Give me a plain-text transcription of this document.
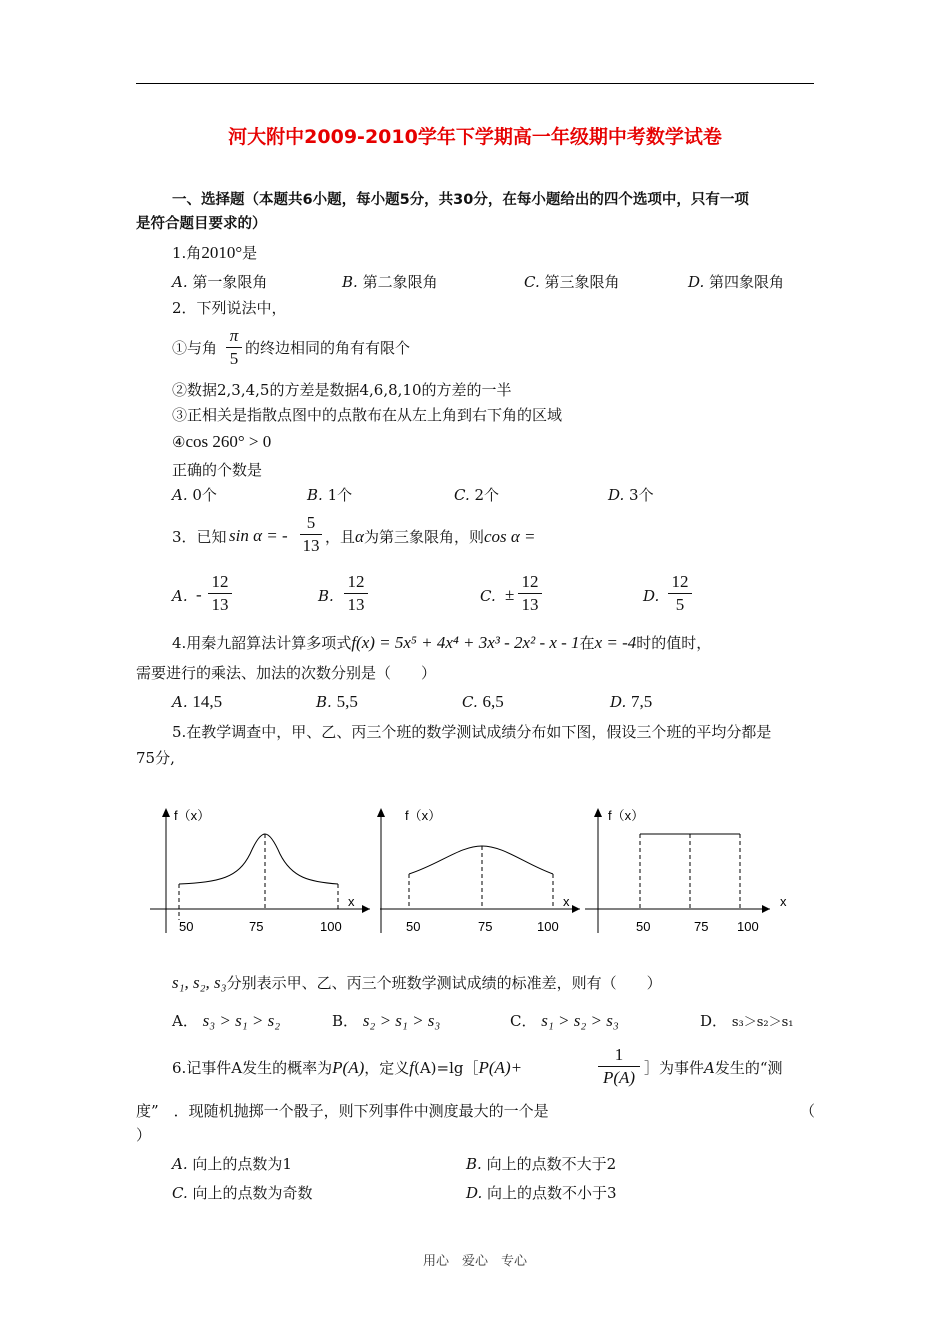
河大附中2009-2010学年下学期高一年级期中考数学试卷
一、选择题（本题共6小题，每小题5分，共30分，在每小题给出的四个选项中，只有一项
是符合题目要求的）
1.角2010°是
A. 第一象限角	B. 第二象限角	C. 第三象限角	D. 第四象限角
2．下列说法中，
①与角
π
5
的终边相同的角有有限个
②数据2,3,4,5的方差是数据4,6,8,10的方差的一半
③正相关是指散点图中的点散布在从左上角到右下角的区域
④cos 260° > 0
正确的个数是
A. 0个	B. 1个	C. 2个	D. 3个
3．已知 sin α = -
5
13 ，且α为第三象限角，则cos α =
A. -
12
13	B.
12
13	C. ±
12
13	D.
12
5
4.用秦九韶算法计算多项式f(x) = 5x⁵ + 4x⁴ + 3x³ - 2x² - x - 1在x = -4时的值时，
需要进行的乘法、加法的次数分别是（　　）
A. 14,5	B. 5,5	C. 6,5	D. 7,5
5.在教学调查中，甲、乙、丙三个班的数学测试成绩分布如下图，假设三个班的平均分都是
75分,
f（x）
x
50	75	100
f（x）
x
50	75	100
f（x）
x
50	75 100
s₁, s₂, s₃分别表示甲、乙、丙三个班数学测试成绩的标准差，则有（　　）
A． s₃ > s₁ > s₂	B． s₂ > s₁ > s₃	C． s₁ > s₂ > s₃	D． s₃＞s₂＞s₁
6.记事件A发生的概率为P(A)，定义f(A)=lg［P(A)+
1
P(A) ］为事件A发生的“测
度”　．现随机抛掷一个骰子，则下列事件中测度最大的一个是	（
）
A. 向上的点数为1	B. 向上的点数不大于2
C. 向上的点数为奇数	D. 向上的点数不小于3
用心　爱心　专心
